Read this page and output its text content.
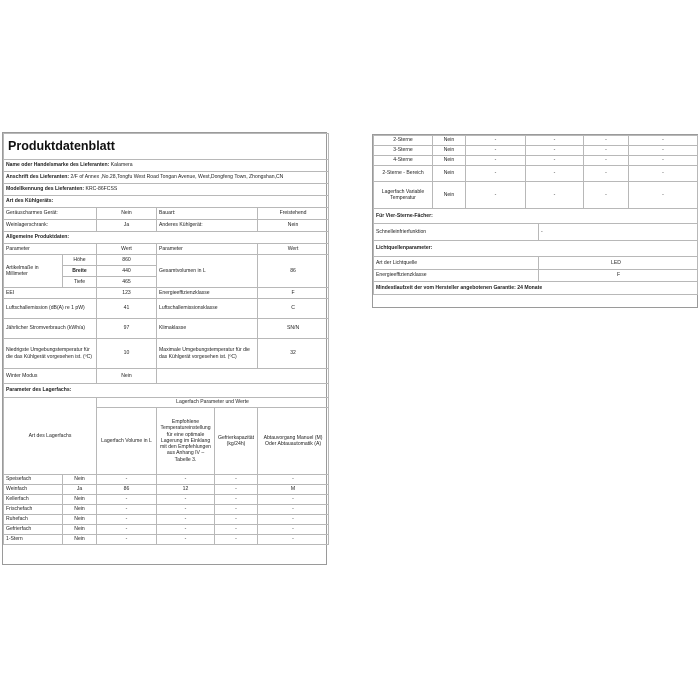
Produktdatenblatt				
Name oder Handelsmarke des Lieferanten: Kalamera				
Anschrift des Lieferanten: 2/F of Annex ,No.28,Tongfu West Road Tongan Avenue, West,Dongfeng Town, Zhongshan,CN				
Modellkennung des Lieferanten: KRC-86FCSS				
Art des Kühlgeräts:				
Geräuscharmes Gerät:		Nein	Bauart:	Freistehend
Weinlagerschrank:		Ja	Anderes Kühlgerät:	Nein
Allgemeine Produktdaten:				
Parameter		Wert	Parameter	Wert
Artikelmaße in Millimeter	Höhe	860	Gesamtvolumen in L	86
	Breite	440		
	Tiefe	465		
EEI		123	Energieeffizienzklasse	F
Luftschallemission (dB(A) re 1 pW)		41	Luftschallemissionsklasse	C
Jährlicher Stromverbrauch (kWh/a)		97	Klimaklasse	SN/N
Niedrigste Umgebungstemperatur für die das Kühlgerät vorgesehen ist. (ºC)		10	Maximale Umgebungstemperatur für die das Kühlgerät vorgesehen ist. (ºC)	32
Winter Modus		Nein		
Parameter des Lagerfachs:				
Art des Lagerfachs		Lagerfach Parameter und Werte			
		Lagerfach Volume in L	Empfohlene Temperatureinstellung für eine optimale Lagerung im Einklang mit den Empfehlungen aus Anhang IV – Tabelle 3.	Gefrierkapazität (kg/24h)	Abtauvorgang Manuel (M) Oder Abtauautomatik (A)
Speisefach	Nein	-	-	-	-
Weinfach	Ja	86	12	-	M
Kellerfach	Nein	-	-	-	-
Frischefach	Nein	-	-	-	-
Ruhefach	Nein	-	-	-	-
Gefrierfach	Nein	-	-	-	-
1-Stern	Nein	-	-	-	-
2-Sterne	Nein	-	-	-	-
3-Sterne	Nein	-	-	-	-
4-Sterne	Nein	-	-	-	-
2-Sterne - Bereich	Nein	-	-	-	-
Lagerfach Variable Temperatur	Nein	-	-	-	-
Für Vier-Sterne-Fächer:	
Schnelleinfrierfunktion	-
Lichtquellenparameter:	
Art der Lichtquelle	LED
Energieeffizienzklasse	F
Mindestlaufzeit der vom Hersteller angebotenen Garantie: 24 Monate	
